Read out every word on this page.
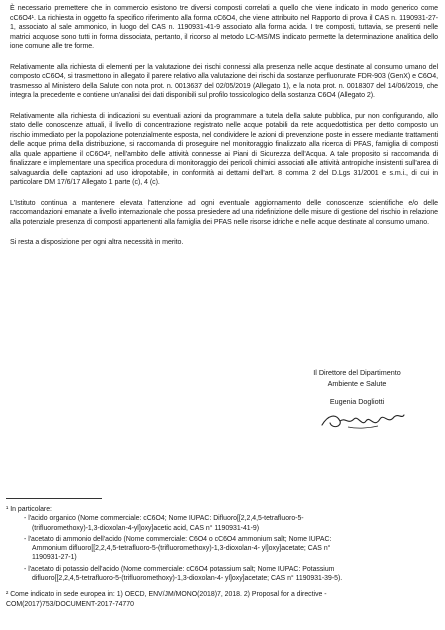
È necessario premettere che in commercio esistono tre diversi composti correlati a quello che viene indicato in modo generico come cC6O4¹. La richiesta in oggetto fa specifico riferimento alla forma cC6O4, che viene attribuito nel Rapporto di prova il CAS n. 1190931-27-1, associato al sale ammonico, in luogo del CAS n. 1190931-41-9 associato alla forma acida. I tre composti, tuttavia, se presenti nelle matrici acquose sono tutti in forma dissociata, pertanto, il ricorso al metodo LC-MS/MS indicato permette la determinazione analitica dello ione comune alle tre forme.

Relativamente alla richiesta di elementi per la valutazione dei rischi connessi alla presenza nelle acque destinate al consumo umano del composto cC6O4, si trasmettono in allegato il parere relativo alla valutazione dei rischi da sostanze perfluorurate FDR-903 (GenX) e C6O4, trasmesso al Ministero della Salute con nota prot. n. 0013637 del 02/05/2019 (Allegato 1), e la nota prot. n. 0018307 del 14/06/2019, che integra la precedente e contiene un'analisi dei dati disponibili sul profilo tossicologico della sostanza C6O4 (Allegato 2).

Relativamente alla richiesta di indicazioni su eventuali azioni da programmare a tutela della salute pubblica, pur non configurando, allo stato delle conoscenze attuali, il livello di concentrazione registrato nelle acque potabili da rete acquedottistica per detto composto un rischio immediato per la popolazione potenzialmente esposta, nel condividere le azioni di prevenzione poste in essere mediante trattamenti delle acque prima della distribuzione, si raccomanda di proseguire nel monitoraggio finalizzato alla ricerca di PFAS, famiglia di composti alla quale appartiene il cC6O4², nell'ambito delle attività connesse ai Piani di Sicurezza dell'Acqua. A tale proposito si raccomanda di finalizzare e implementare una specifica procedura di monitoraggio dei pericoli chimici associati alle attività antropiche insistenti sull'area di salvaguardia delle captazioni ad uso idropotabile, in conformità ai dettami dell'art. 8 comma 2 del D.Lgs 31/2001 e s.m.i., di cui in particolare DM 17/6/17 Allegato 1 parte (c), 4 (c).

L'Istituto continua a mantenere elevata l'attenzione ad ogni eventuale aggiornamento delle conoscenze scientifiche e/o delle raccomandazioni emanate a livello internazionale che possa presiedere ad una ridefinizione delle misure di gestione del rischio in relazione alla potenziale presenza di composti appartenenti alla famiglia dei PFAS nelle risorse idriche e nelle acque destinate al consumo umano.

Si resta a disposizione per ogni altra necessità in merito.

Il Direttore del Dipartimento
Ambiente e Salute
Eugenia Dogliotti
¹ In particolare:
- l'acido organico (Nome commerciale: cC6O4; Nome IUPAC: Difluoro[[2,2,4,5-tetrafluoro-5-
(trifluoromethoxy)-1,3-dioxolan-4-yl]oxy]acetic acid, CAS n° 1190931-41-9)
- l'acetato di ammonio dell'acido (Nome commerciale: C6O4 o cC6O4 ammonium salt; Nome IUPAC:
Ammonium difluoro[[2,2,4,5-tetrafluoro-5-(trifluoromethoxy)-1,3-dioxolan-4- yl]oxy]acetate; CAS n°
1190931-27-1)
- l'acetato di potassio dell'acido (Nome commerciale: cC6O4 potassium salt; Nome IUPAC: Potassium
difluoro[[2,2,4,5-tetrafluoro-5-(trifluoromethoxy)-1,3-dioxolan-4- yl]oxy]acetate; CAS n° 1190931-39-5).
² Come indicato in sede europea in: 1) OECD, ENV/JM/MONO(2018)7, 2018. 2) Proposal for a directive -
COM(2017)753/DOCUMENT-2017-74770
